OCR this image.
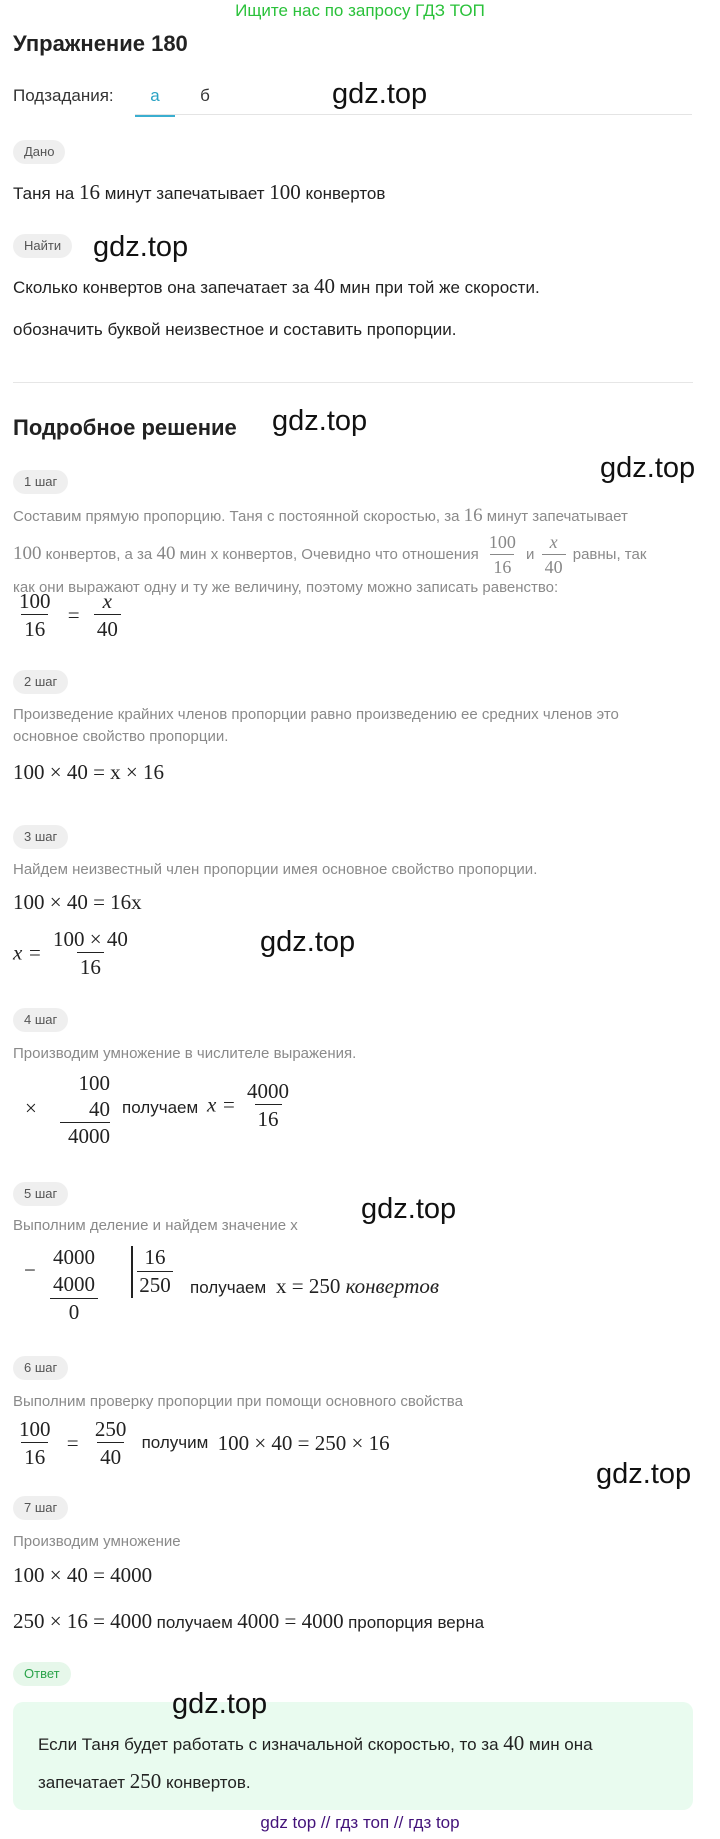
Ищите нас по запросу ГДЗ ТОП
Упражнение 180
Подзадания:	а	б
Дано
Таня на 16 минут запечатывает 100 конвертов
Найти
Сколько конвертов она запечатает за 40 мин при той же скорости.
обозначить буквой неизвестное и составить пропорции.
Подробное решение
1 шаг
Составим прямую пропорцию. Таня с постоянной скоростью, за 16 минут запечатывает
100 конвертов, а за 40 мин x конвертов, Очевидно что отношения $\frac{100}{16}$ и $\frac{x}{40}$ равны, так
как они выражают одну и ту же величину, поэтому можно записать равенство:
$\frac{100}{16} = \frac{x}{40}$
2 шаг
Произведение крайних членов пропорции равно произведению ее средних членов это
основное свойство пропорции.
100 × 40 = x × 16
3 шаг
Найдем неизвестный член пропорции имея основное свойство пропорции.
100 × 40 = 16x
$x = \frac{100 \times 40}{16}$
4 шаг
Производим умножение в числителе выражения.
×
100
40
4000
получаем $x = \frac{4000}{16}$
5 шаг
Выполним деление и найдем значение x
−
4000
4000
0
16
250 получаем x = 250 конвертов
6 шаг
Выполним проверку пропорции при помощи основного свойства
$\frac{100}{16} = \frac{250}{40}$ получим 100 × 40 = 250 × 16
7 шаг
Производим умножение
100 × 40 = 4000
250 × 16 = 4000 получаем 4000 = 4000 пропорция верна
Ответ
Если Таня будет работать с изначальной скоростью, то за 40 мин она
запечатает 250 конвертов.
gdz.top
gdz.top
gdz.top
gdz.top
gdz.top
gdz.top
gdz.top
gdz.top
gdz top // гдз топ // гдз top
